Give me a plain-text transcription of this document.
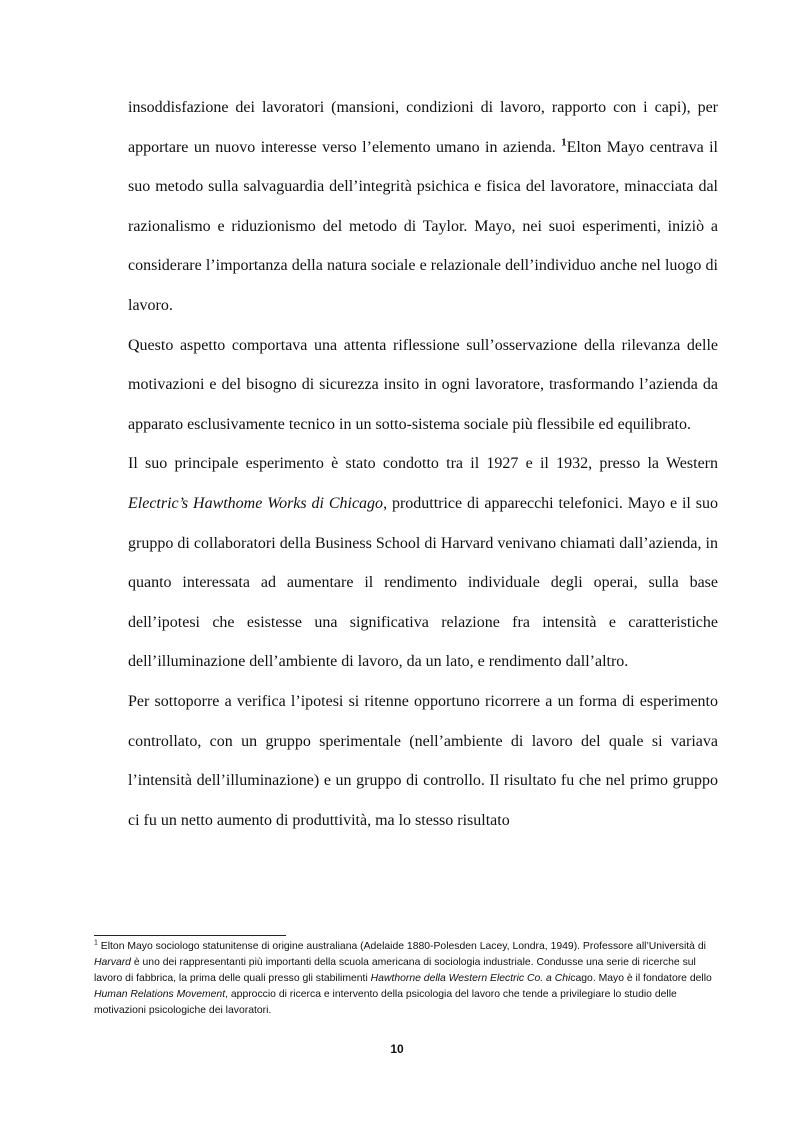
insoddisfazione dei lavoratori (mansioni, condizioni di lavoro, rapporto con i capi), per apportare un nuovo interesse verso l’elemento umano in azienda. $^1$Elton Mayo centrava il suo metodo sulla salvaguardia dell’integrità psichica e fisica del lavoratore, minacciata dal razionalismo e riduzionismo del metodo di Taylor. Mayo, nei suoi esperimenti, iniziò a considerare l’importanza della natura sociale e relazionale dell’individuo anche nel luogo di lavoro.

Questo aspetto comportava una attenta riflessione sull’osservazione della rilevanza delle motivazioni e del bisogno di sicurezza insito in ogni lavoratore, trasformando l’azienda da apparato esclusivamente tecnico in un sotto-sistema sociale più flessibile ed equilibrato.

Il suo principale esperimento è stato condotto tra il 1927 e il 1932, presso la Western Electric’s Hawthome Works di Chicago, produttrice di apparecchi telefonici. Mayo e il suo gruppo di collaboratori della Business School di Harvard venivano chiamati dall’azienda, in quanto interessata ad aumentare il rendimento individuale degli operai, sulla base dell’ipotesi che esistesse una significativa relazione fra intensità e caratteristiche dell’illuminazione dell’ambiente di lavoro, da un lato, e rendimento dall’altro.

Per sottoporre a verifica l’ipotesi si ritenne opportuno ricorrere a un forma di esperimento controllato, con un gruppo sperimentale (nell’ambiente di lavoro del quale si variava l’intensità dell’illuminazione) e un gruppo di controllo. Il risultato fu che nel primo gruppo ci fu un netto aumento di produttività, ma lo stesso risultato

$^1$ Elton Mayo sociologo statunitense di origine australiana (Adelaide 1880-Polesden Lacey, Londra, 1949). Professore all’Università di Harvard è uno dei rappresentanti più importanti della scuola americana di sociologia industriale. Condusse una serie di ricerche sul lavoro di fabbrica, la prima delle quali presso gli stabilimenti Hawthorne della Western Electric Co. a Chicago. Mayo è il fondatore dello Human Relations Movement, approccio di ricerca e intervento della psicologia del lavoro che tende a privilegiare lo studio delle motivazioni psicologiche dei lavoratori.
10
